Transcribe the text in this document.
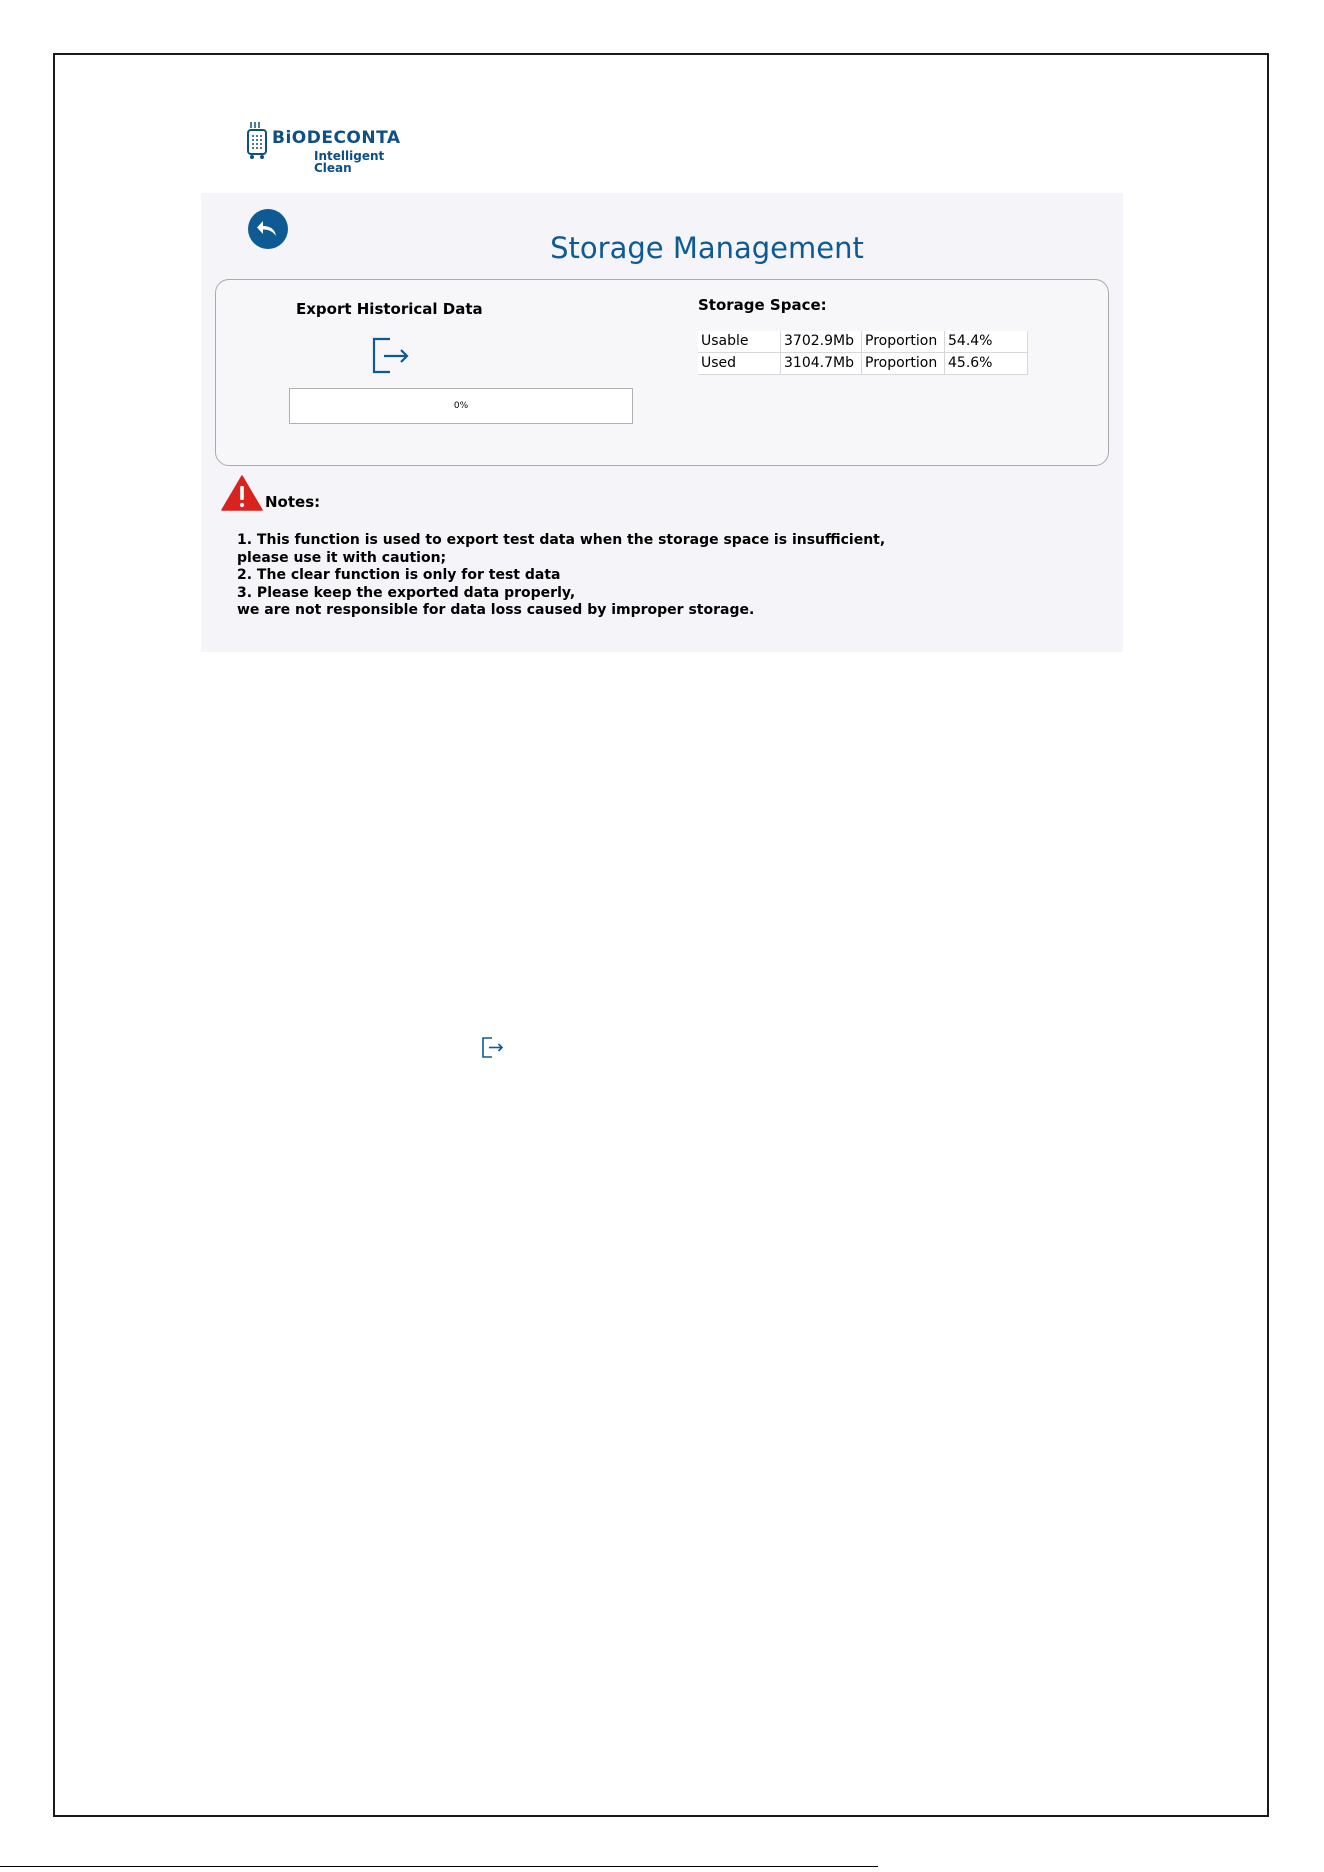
BiODECONTA
Intelligent Clean
Storage Management
Export Historical Data
0%
Storage Space:
Usable	3702.9Mb	Proportion	54.4%
Used	3104.7Mb	Proportion	45.6%
Notes:
1. This function is used to export test data when the storage space is insufficient,
please use it with caution;
2. The clear function is only for test data
3. Please keep the exported data properly,
we are not responsible for data loss caused by improper storage.
